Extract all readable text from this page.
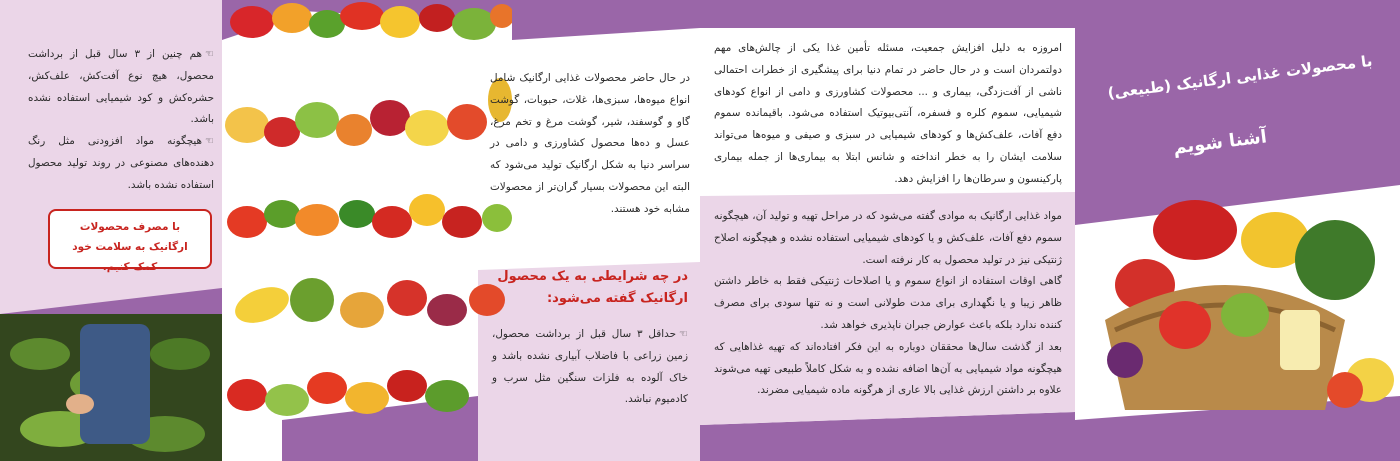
با محصولات غذایی ارگانیک (طبیعی)
آشنا شویم
امروزه به دلیل افزایش جمعیت، مسئله تأمین غذا یکی از چالش‌های مهم دولتمردان است و در حال حاضر در تمام دنیا برای پیشگیری از خطرات احتمالی ناشی از آفت‌زدگی، بیماری و ... محصولات کشاورزی و دامی از انواع کودهای شیمیایی، سموم کلره و فسفره، آنتی‌بیوتیک استفاده می‌شود. باقیمانده سموم دفع آفات، علف‌کش‌ها و کودهای شیمیایی در سبزی و صیفی و میوه‌ها می‌تواند سلامت ایشان را به خطر انداخته و شانس ابتلا به بیماری‌ها از جمله بیماری پارکینسون و سرطان‌ها را افزایش دهد.
مواد غذایی ارگانیک به موادی گفته می‌شود که در مراحل تهیه و تولید آن، هیچگونه سموم دفع آفات، علف‌کش و یا کودهای شیمیایی استفاده نشده و هیچگونه اصلاح ژنتیکی نیز در تولید محصول به کار نرفته است.
گاهی اوقات استفاده از انواع سموم و یا اصلاحات ژنتیکی فقط به خاطر داشتن ظاهر زیبا و یا نگهداری برای مدت طولانی است و نه تنها سودی برای مصرف کننده ندارد بلکه باعث عوارض جبران ناپذیری خواهد شد.
بعد از گذشت سال‌ها محققان دوباره به این فکر افتاده‌اند که تهیه غذاهایی که هیچگونه مواد شیمیایی به آن‌ها اضافه نشده و به شکل کاملاً طبیعی تهیه می‌شوند علاوه بر داشتن ارزش غذایی بالا عاری از هرگونه ماده شیمیایی مضرند.
در حال حاضر محصولات غذایی ارگانیک شامل انواع میوه‌ها، سبزی‌ها، غلات، حبوبات، گوشت گاو و گوسفند، شیر، گوشت مرغ و تخم مرغ، عسل و ده‌ها محصول کشاورزی و دامی در سراسر دنیا به شکل ارگانیک تولید می‌شود که البته این محصولات بسیار گران‌تر از محصولات مشابه خود هستند.
در چه شرایطی به یک محصول
ارگانیک گفته می‌شود:
☜ حداقل ۳ سال قبل از برداشت محصول، زمین زراعی با فاضلاب آبیاری نشده باشد و خاک آلوده به فلزات سنگین مثل سرب و کادمیوم نباشد.
☜ هم چنین از ۳ سال قبل از برداشت محصول، هیچ نوع آفت‌کش، علف‌کش، حشره‌کش و کود شیمیایی استفاده نشده باشد.
☜ هیچگونه مواد افزودنی مثل رنگ دهنده‌های مصنوعی در روند تولید محصول استفاده نشده باشد.
با مصرف محصولات ارگانیک به سلامت خود کمک کنیم.
